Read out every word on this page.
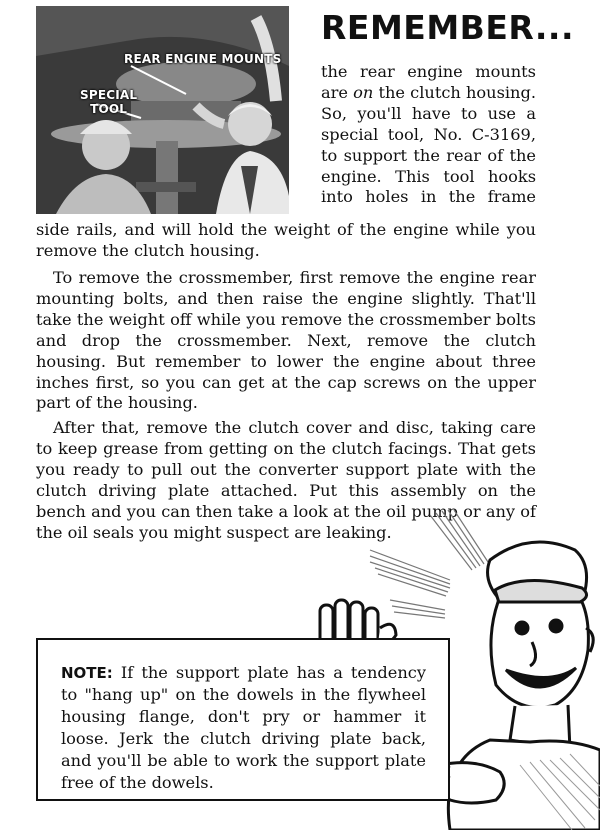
REAR ENGINE MOUNTS
SPECIAL
TOOL
REMEMBER...
the rear engine mounts
are on the clutch housing.
So, you'll have to use a
special tool, No. C-3169,
to support the rear of the
engine. This tool hooks
into holes in the frame
side rails, and will hold the weight of the engine while you remove the clutch housing.
To remove the crossmember, first remove the engine rear mounting bolts, and then raise the engine slightly. That'll take the weight off while you remove the crossmember bolts and drop the crossmember. Next, remove the clutch housing. But remember to lower the engine about three inches first, so you can get at the cap screws on the upper part of the housing.
After that, remove the clutch cover and disc, taking care to keep grease from getting on the clutch facings. That gets you ready to pull out the converter support plate with the clutch driving plate attached. Put this assembly on the bench and you can then take a look at the oil pump or any of the oil seals you might suspect are leaking.
NOTE: If the support plate has a tendency to "hang up" on the dowels in the flywheel housing flange, don't pry or hammer it loose. Jerk the clutch driving plate back, and you'll be able to work the support plate free of the dowels.
